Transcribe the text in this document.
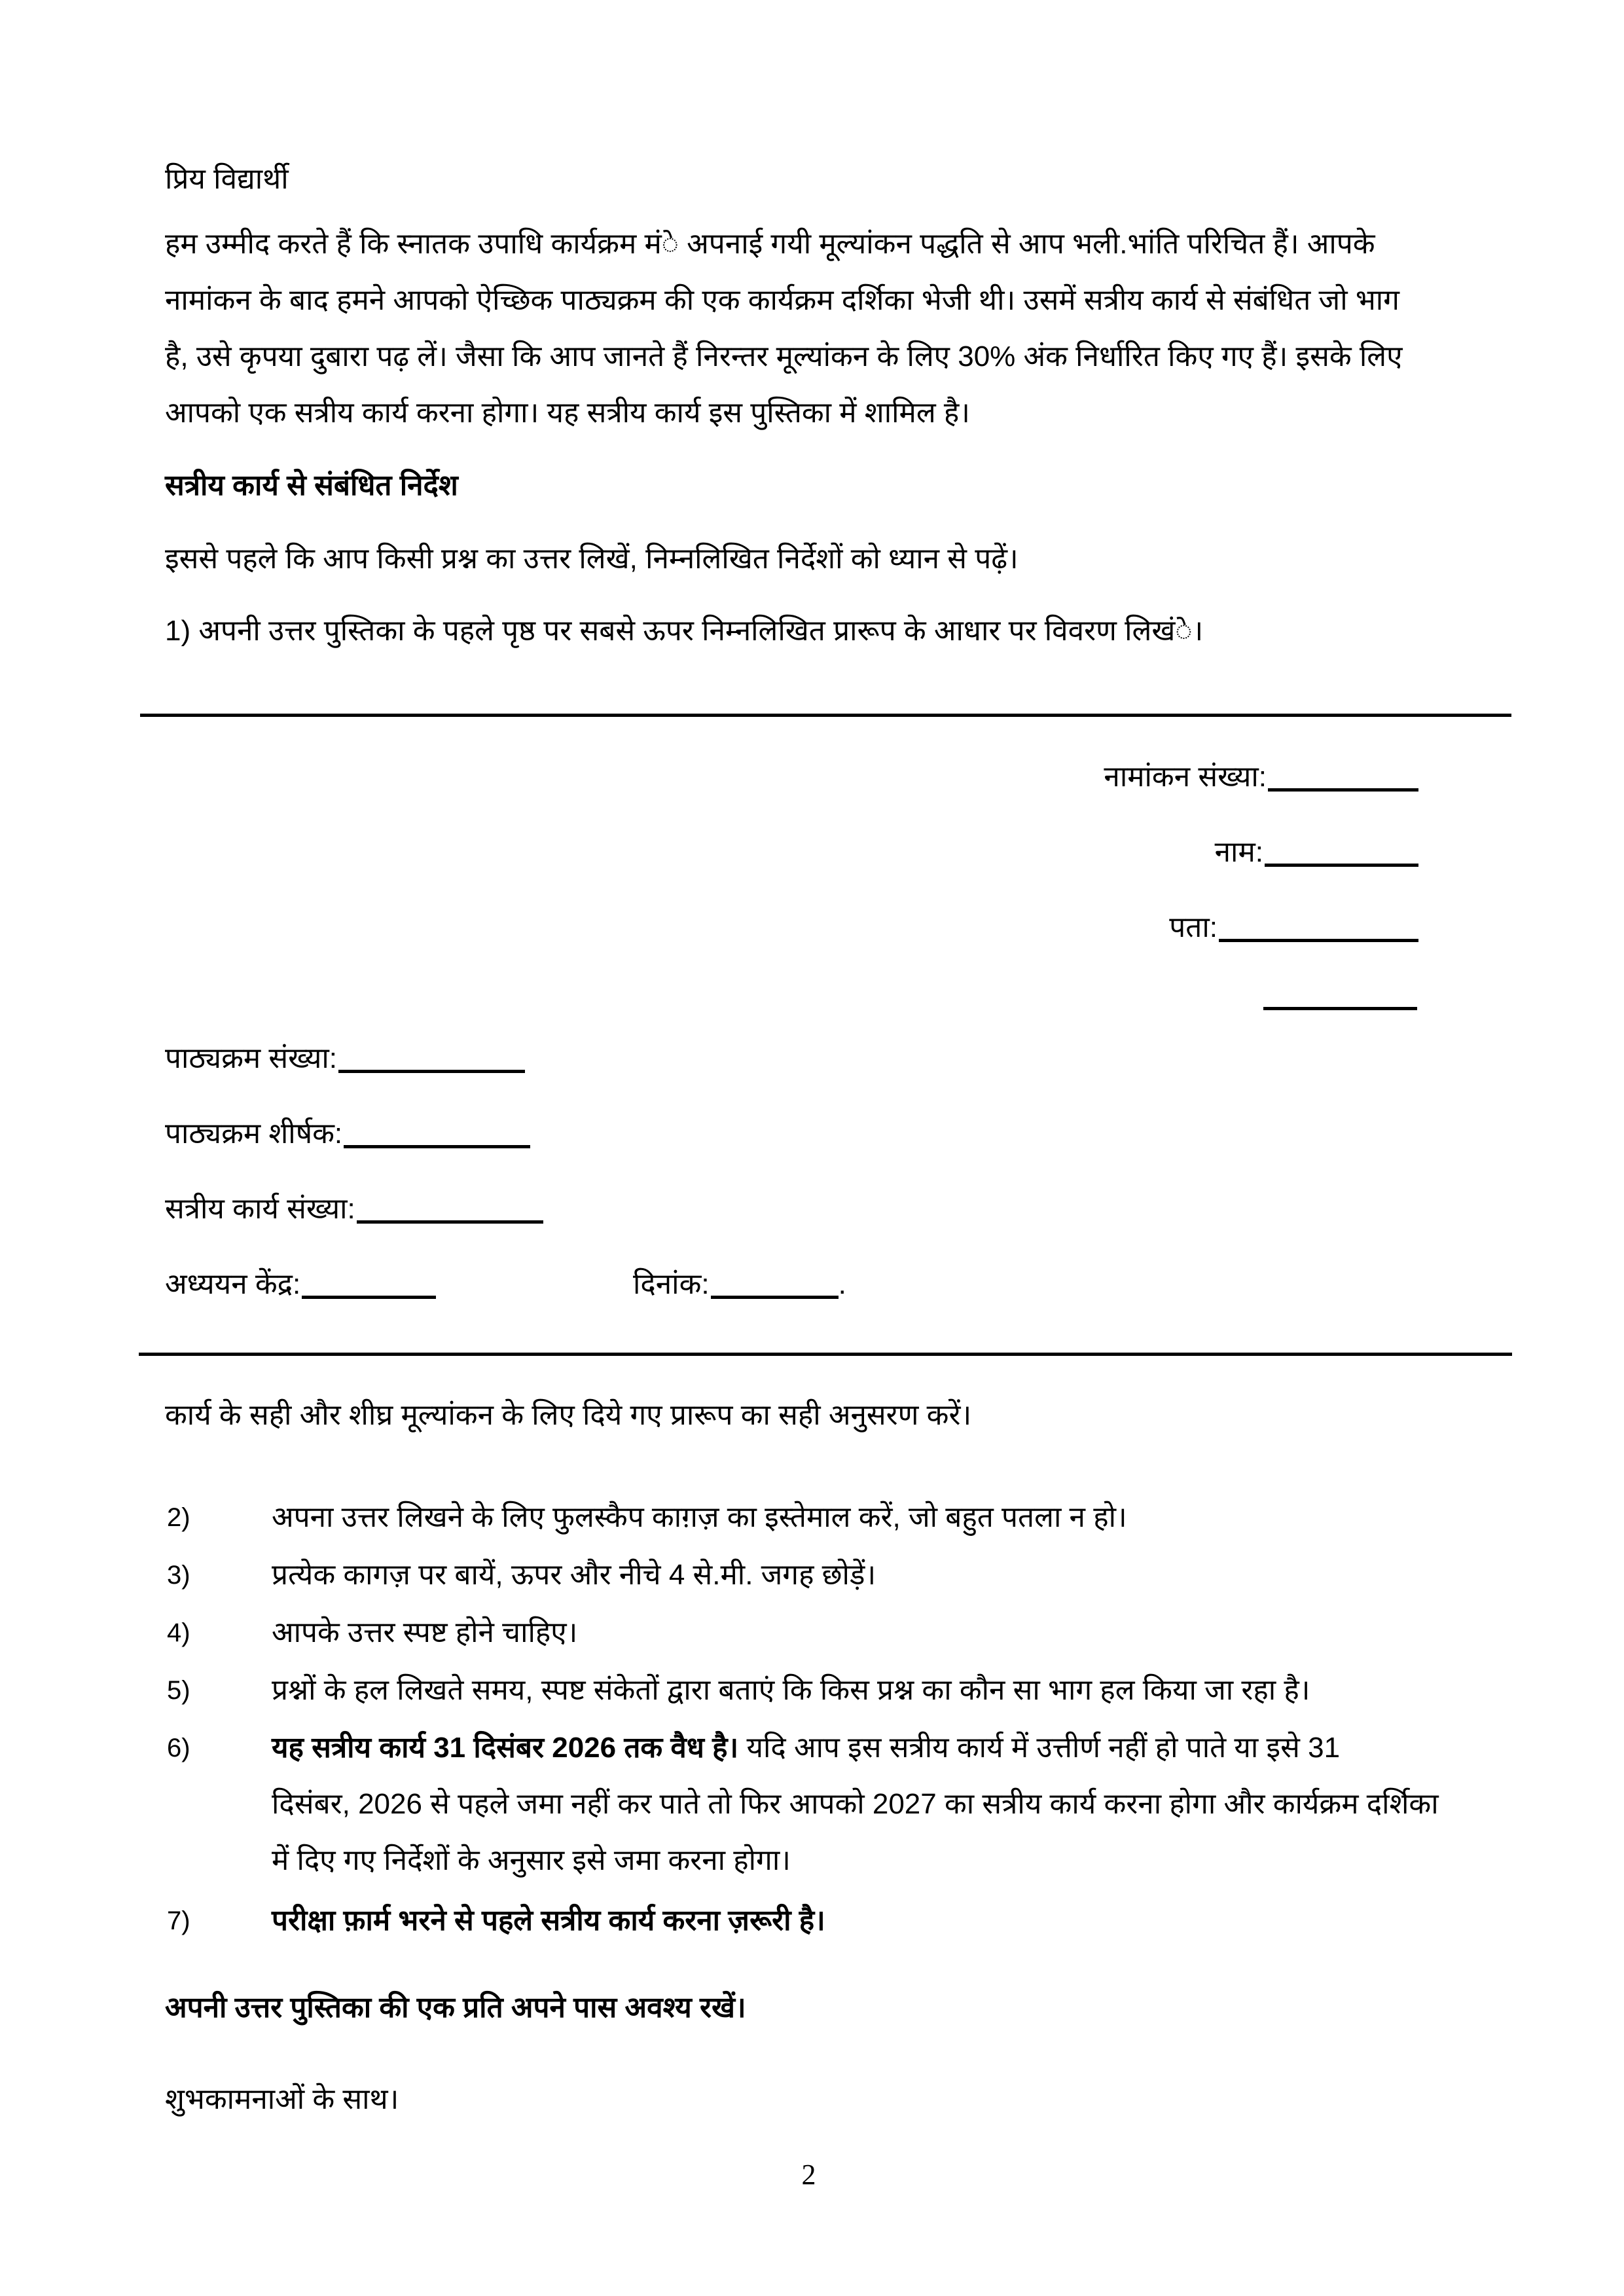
प्रिय विद्यार्थी
हम उम्मीद करते हैं कि स्नातक उपाधि कार्यक्रम मं◌े अपनाई गयी मूल्यांकन पद्धति से आप भली.भांति परिचित हैं। आपके
नामांकन के बाद हमने आपको ऐच्छिक पाठ्यक्रम की एक कार्यक्रम दर्शिका भेजी थी। उसमें सत्रीय कार्य से संबंधित जो भाग
है, उसे कृपया दुबारा पढ़ लें। जैसा कि आप जानते हैं निरन्तर मूल्यांकन के लिए 30% अंक निर्धारित किए गए हैं। इसके लिए
आपको एक सत्रीय कार्य करना होगा। यह सत्रीय कार्य इस पुस्तिका में शामिल है।
सत्रीय कार्य से संबंधित निर्देश
इससे पहले कि आप किसी प्रश्न का उत्तर लिखें, निम्नलिखित निर्देशों को ध्यान से पढ़ें।
1) अपनी उत्तर पुस्तिका के पहले पृष्ठ पर सबसे ऊपर निम्नलिखित प्रारूप के आधार पर विवरण लिखं◌े।
नामांकन संख्या:
नाम:
पता:
पाठ्यक्रम संख्या:
पाठ्यक्रम शीर्षक:
सत्रीय कार्य संख्या:
अध्ययन केंद्र:	दिनांक:	.
कार्य के सही और शीघ्र मूल्यांकन के लिए दिये गए प्रारूप का सही अनुसरण करें।
2)	अपना उत्तर लिखने के लिए फुलस्कैप काग़ज़ का इस्तेमाल करें, जो बहुत पतला न हो।
3)	प्रत्येक कागज़ पर बायें, ऊपर और नीचे 4 से.मी. जगह छोड़ें।
4)	आपके उत्तर स्पष्ट होने चाहिए।
5)	प्रश्नों के हल लिखते समय, स्पष्ट संकेतों द्वारा बताएं कि किस प्रश्न का कौन सा भाग हल किया जा रहा है।
6)	यह सत्रीय कार्य 31 दिसंबर 2026 तक वैध है। यदि आप इस सत्रीय कार्य में उत्तीर्ण नहीं हो पाते या इसे 31
दिसंबर, 2026 से पहले जमा नहीं कर पाते तो फिर आपको 2027 का सत्रीय कार्य करना होगा और कार्यक्रम दर्शिका
में दिए गए निर्देशों के अनुसार इसे जमा करना होगा।
7)	परीक्षा फ़ार्म भरने से पहले सत्रीय कार्य करना ज़रूरी है।
अपनी उत्तर पुस्तिका की एक प्रति अपने पास अवश्य रखें।
शुभकामनाओं के साथ।
2
